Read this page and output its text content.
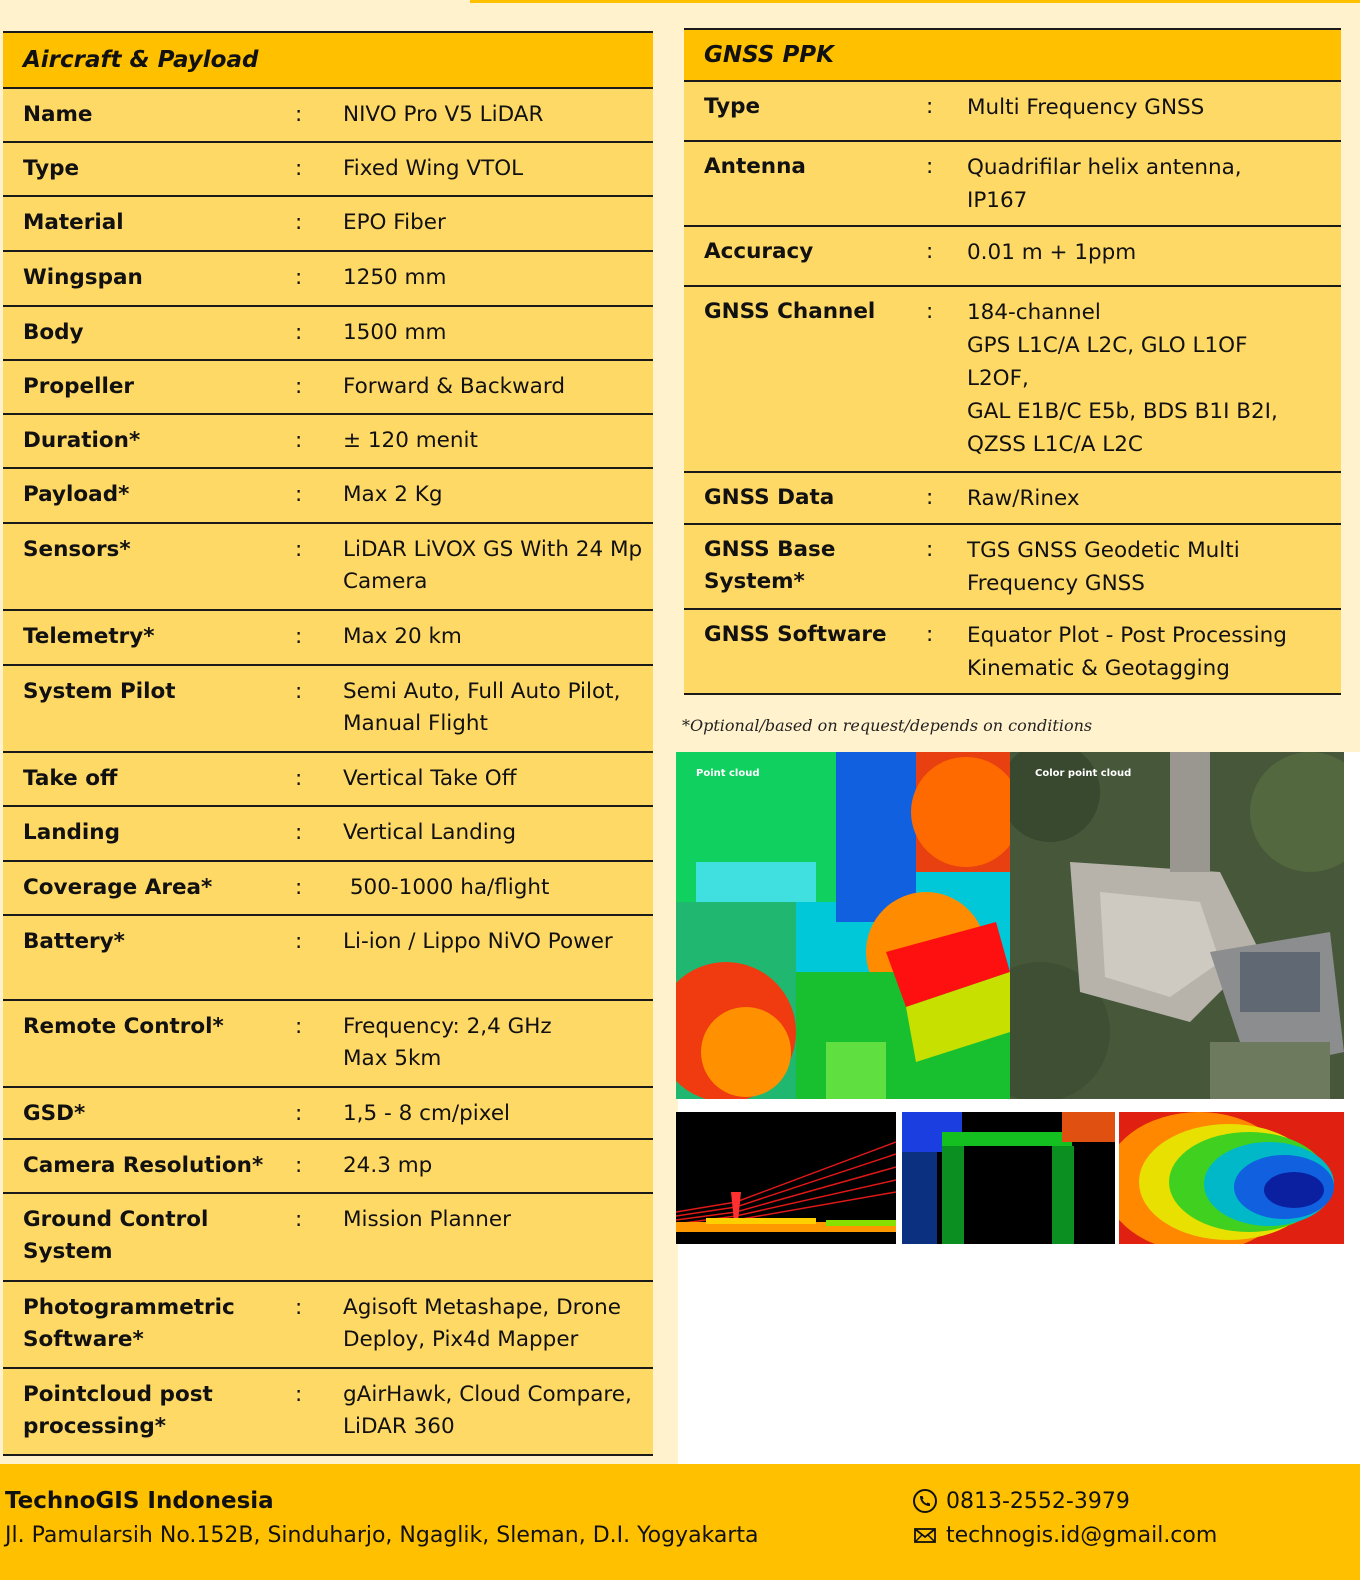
Aircraft & Payload
Name	: NIVO Pro V5 LiDAR
Type	: Fixed Wing VTOL
Material	: EPO Fiber
Wingspan	: 1250 mm
Body	: 1500 mm
Propeller	: Forward & Backward
Duration*	: ± 120 menit
Payload*	: Max 2 Kg
Sensors*	: LiDAR LiVOX GS With 24 Mp Camera
Telemetry*	: Max 20 km
System Pilot	: Semi Auto, Full Auto Pilot, Manual Flight
Take off	: Vertical Take Off
Landing	: Vertical Landing
Coverage Area*	: 500-1000 ha/flight
Battery*	: Li-ion / Lippo NiVO Power
Remote Control*	: Frequency: 2,4 GHz
Max 5km
GSD*	: 1,5 - 8 cm/pixel
Camera Resolution*	: 24.3 mp
Ground Control System
: Mission Planner
Photogrammetric Software*
: Agisoft Metashape, Drone Deploy, Pix4d Mapper
Pointcloud post processing*
: gAirHawk, Cloud Compare, LiDAR 360
GNSS PPK
Type	: Multi Frequency GNSS
Antenna	: Quadrifilar helix antenna,
IP167
Accuracy	: 0.01 m + 1ppm
GNSS Channel	: 184-channel
GPS L1C/A L2C, GLO L1OF
L2OF,
GAL E1B/C E5b, BDS B1I B2I,
QZSS L1C/A L2C
GNSS Data	: Raw/Rinex
GNSS Base System*
: TGS GNSS Geodetic Multi Frequency GNSS
GNSS Software	: Equator Plot - Post Processing Kinematic & Geotagging
*Optional/based on request/depends on conditions
Point cloud	Color point cloud
TechnoGIS Indonesia
Jl. Pamularsih No.152B, Sinduharjo, Ngaglik, Sleman, D.I. Yogyakarta
0813-2552-3979
technogis.id@gmail.com
